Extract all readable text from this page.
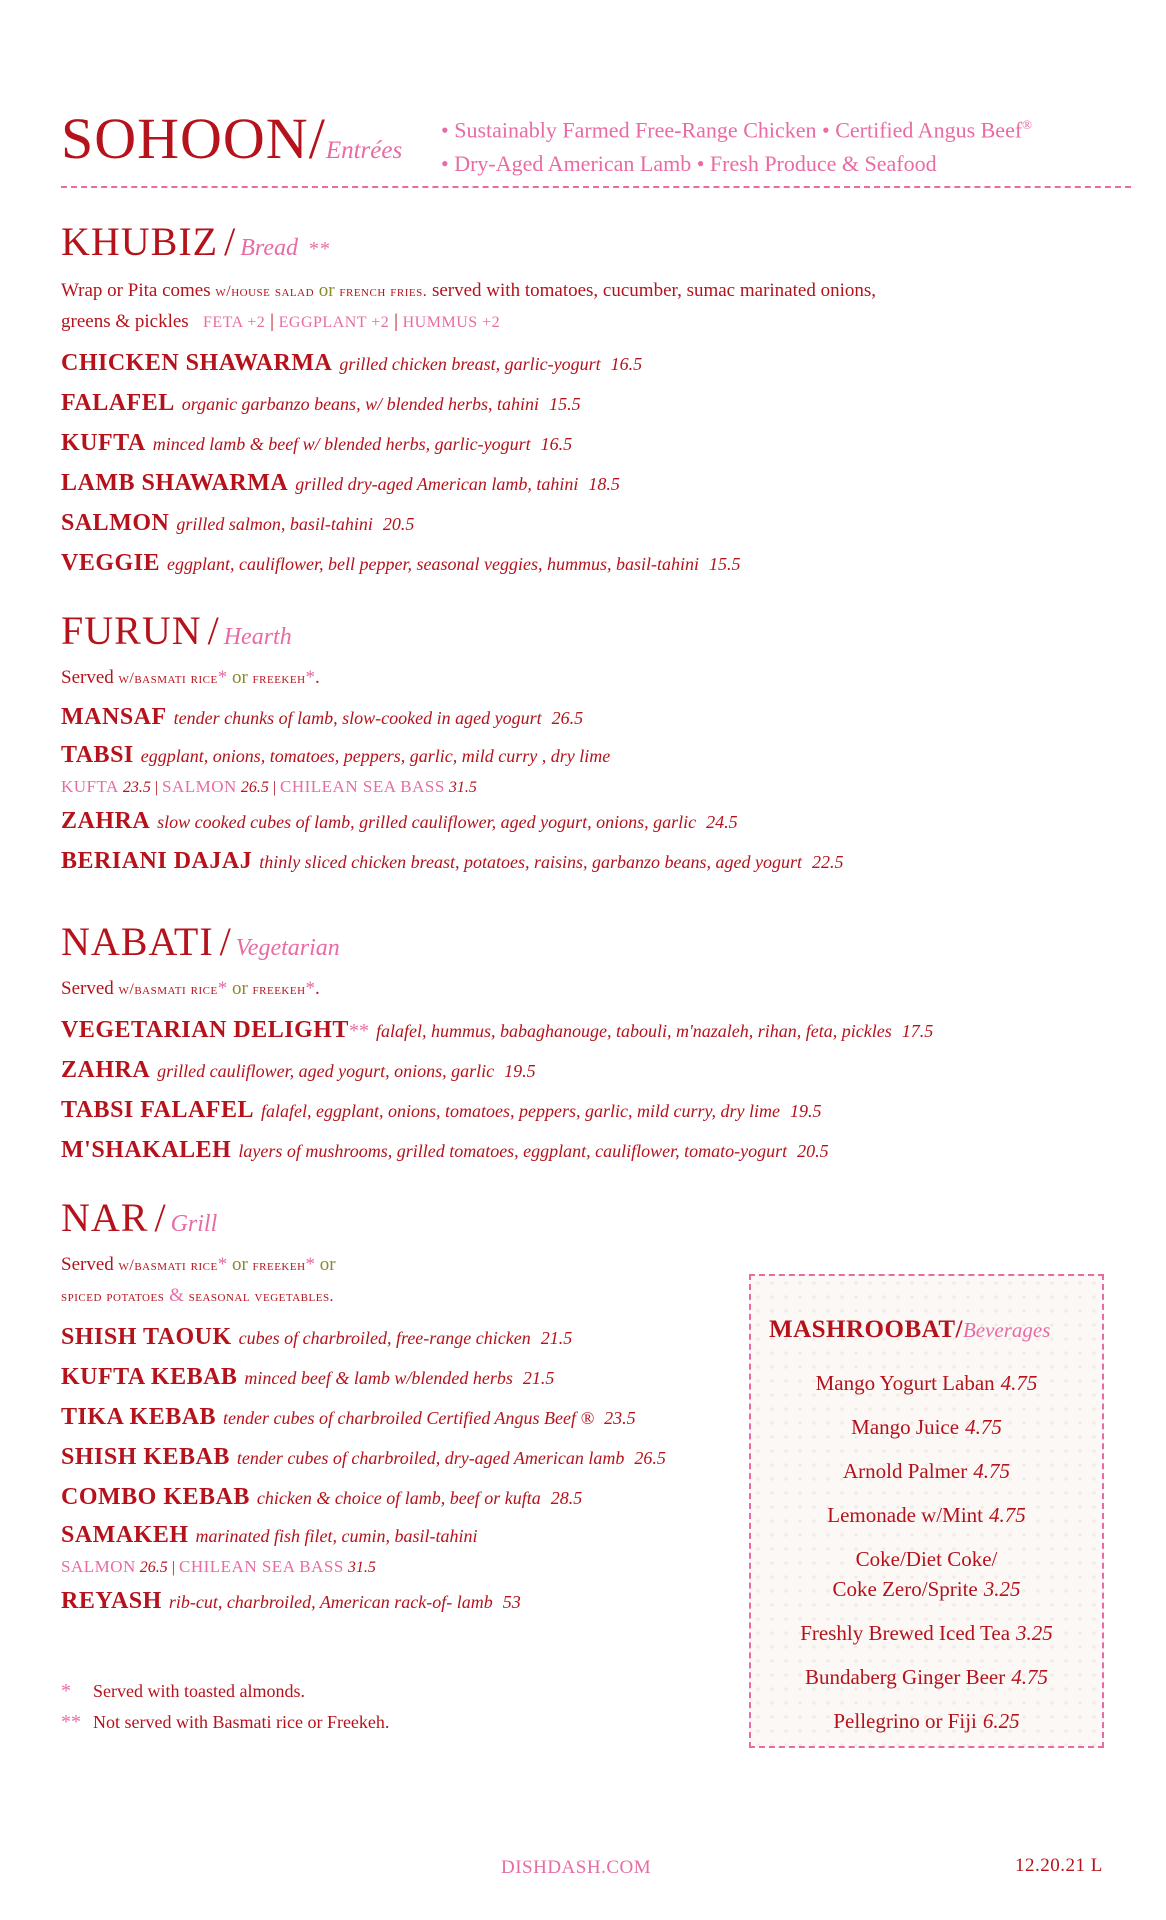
SOHOON/Entrées
• Sustainably Farmed Free-Range Chicken • Certified Angus Beef®
• Dry-Aged American Lamb • Fresh Produce & Seafood
KHUBIZ / Bread **
Wrap or Pita comes w/house salad or french fries. served with tomatoes, cucumber, sumac marinated onions,
greens & pickles FETA +2 | EGGPLANT +2 | HUMMUS +2
CHICKEN SHAWARMA grilled chicken breast, garlic-yogurt 16.5
FALAFEL organic garbanzo beans, w/ blended herbs, tahini 15.5
KUFTA minced lamb & beef w/ blended herbs, garlic-yogurt 16.5
LAMB SHAWARMA grilled dry-aged American lamb, tahini 18.5
SALMON grilled salmon, basil-tahini 20.5
VEGGIE eggplant, cauliflower, bell pepper, seasonal veggies, hummus, basil-tahini 15.5
FURUN / Hearth
Served w/basmati rice* or freekeh*.
MANSAF tender chunks of lamb, slow-cooked in aged yogurt 26.5
TABSI eggplant, onions, tomatoes, peppers, garlic, mild curry , dry lime
KUFTA 23.5 | SALMON 26.5 | CHILEAN SEA BASS 31.5
ZAHRA slow cooked cubes of lamb, grilled cauliflower, aged yogurt, onions, garlic 24.5
BERIANI DAJAJ thinly sliced chicken breast, potatoes, raisins, garbanzo beans, aged yogurt 22.5
NABATI / Vegetarian
Served w/basmati rice* or freekeh*.
VEGETARIAN DELIGHT** falafel, hummus, babaghanouge, tabouli, m'nazaleh, rihan, feta, pickles 17.5
ZAHRA grilled cauliflower, aged yogurt, onions, garlic 19.5
TABSI FALAFEL falafel, eggplant, onions, tomatoes, peppers, garlic, mild curry, dry lime 19.5
M'SHAKALEH layers of mushrooms, grilled tomatoes, eggplant, cauliflower, tomato-yogurt 20.5
NAR / Grill
Served w/basmati rice* or freekeh* or
spiced potatoes & seasonal vegetables.
SHISH TAOUK cubes of charbroiled, free-range chicken 21.5
KUFTA KEBAB minced beef & lamb w/blended herbs 21.5
TIKA KEBAB tender cubes of charbroiled Certified Angus Beef ® 23.5
SHISH KEBAB tender cubes of charbroiled, dry-aged American lamb 26.5
COMBO KEBAB chicken & choice of lamb, beef or kufta 28.5
SAMAKEH marinated fish filet, cumin, basil-tahini
SALMON 26.5 | CHILEAN SEA BASS 31.5
REYASH rib-cut, charbroiled, American rack-of- lamb 53
* Served with toasted almonds.
** Not served with Basmati rice or Freekeh.
MASHROOBAT/Beverages
Mango Yogurt Laban 4.75
Mango Juice 4.75
Arnold Palmer 4.75
Lemonade w/Mint 4.75
Coke/Diet Coke/
Coke Zero/Sprite 3.25
Freshly Brewed Iced Tea 3.25
Bundaberg Ginger Beer 4.75
Pellegrino or Fiji 6.25
DISHDASH.COM	12.20.21 L
